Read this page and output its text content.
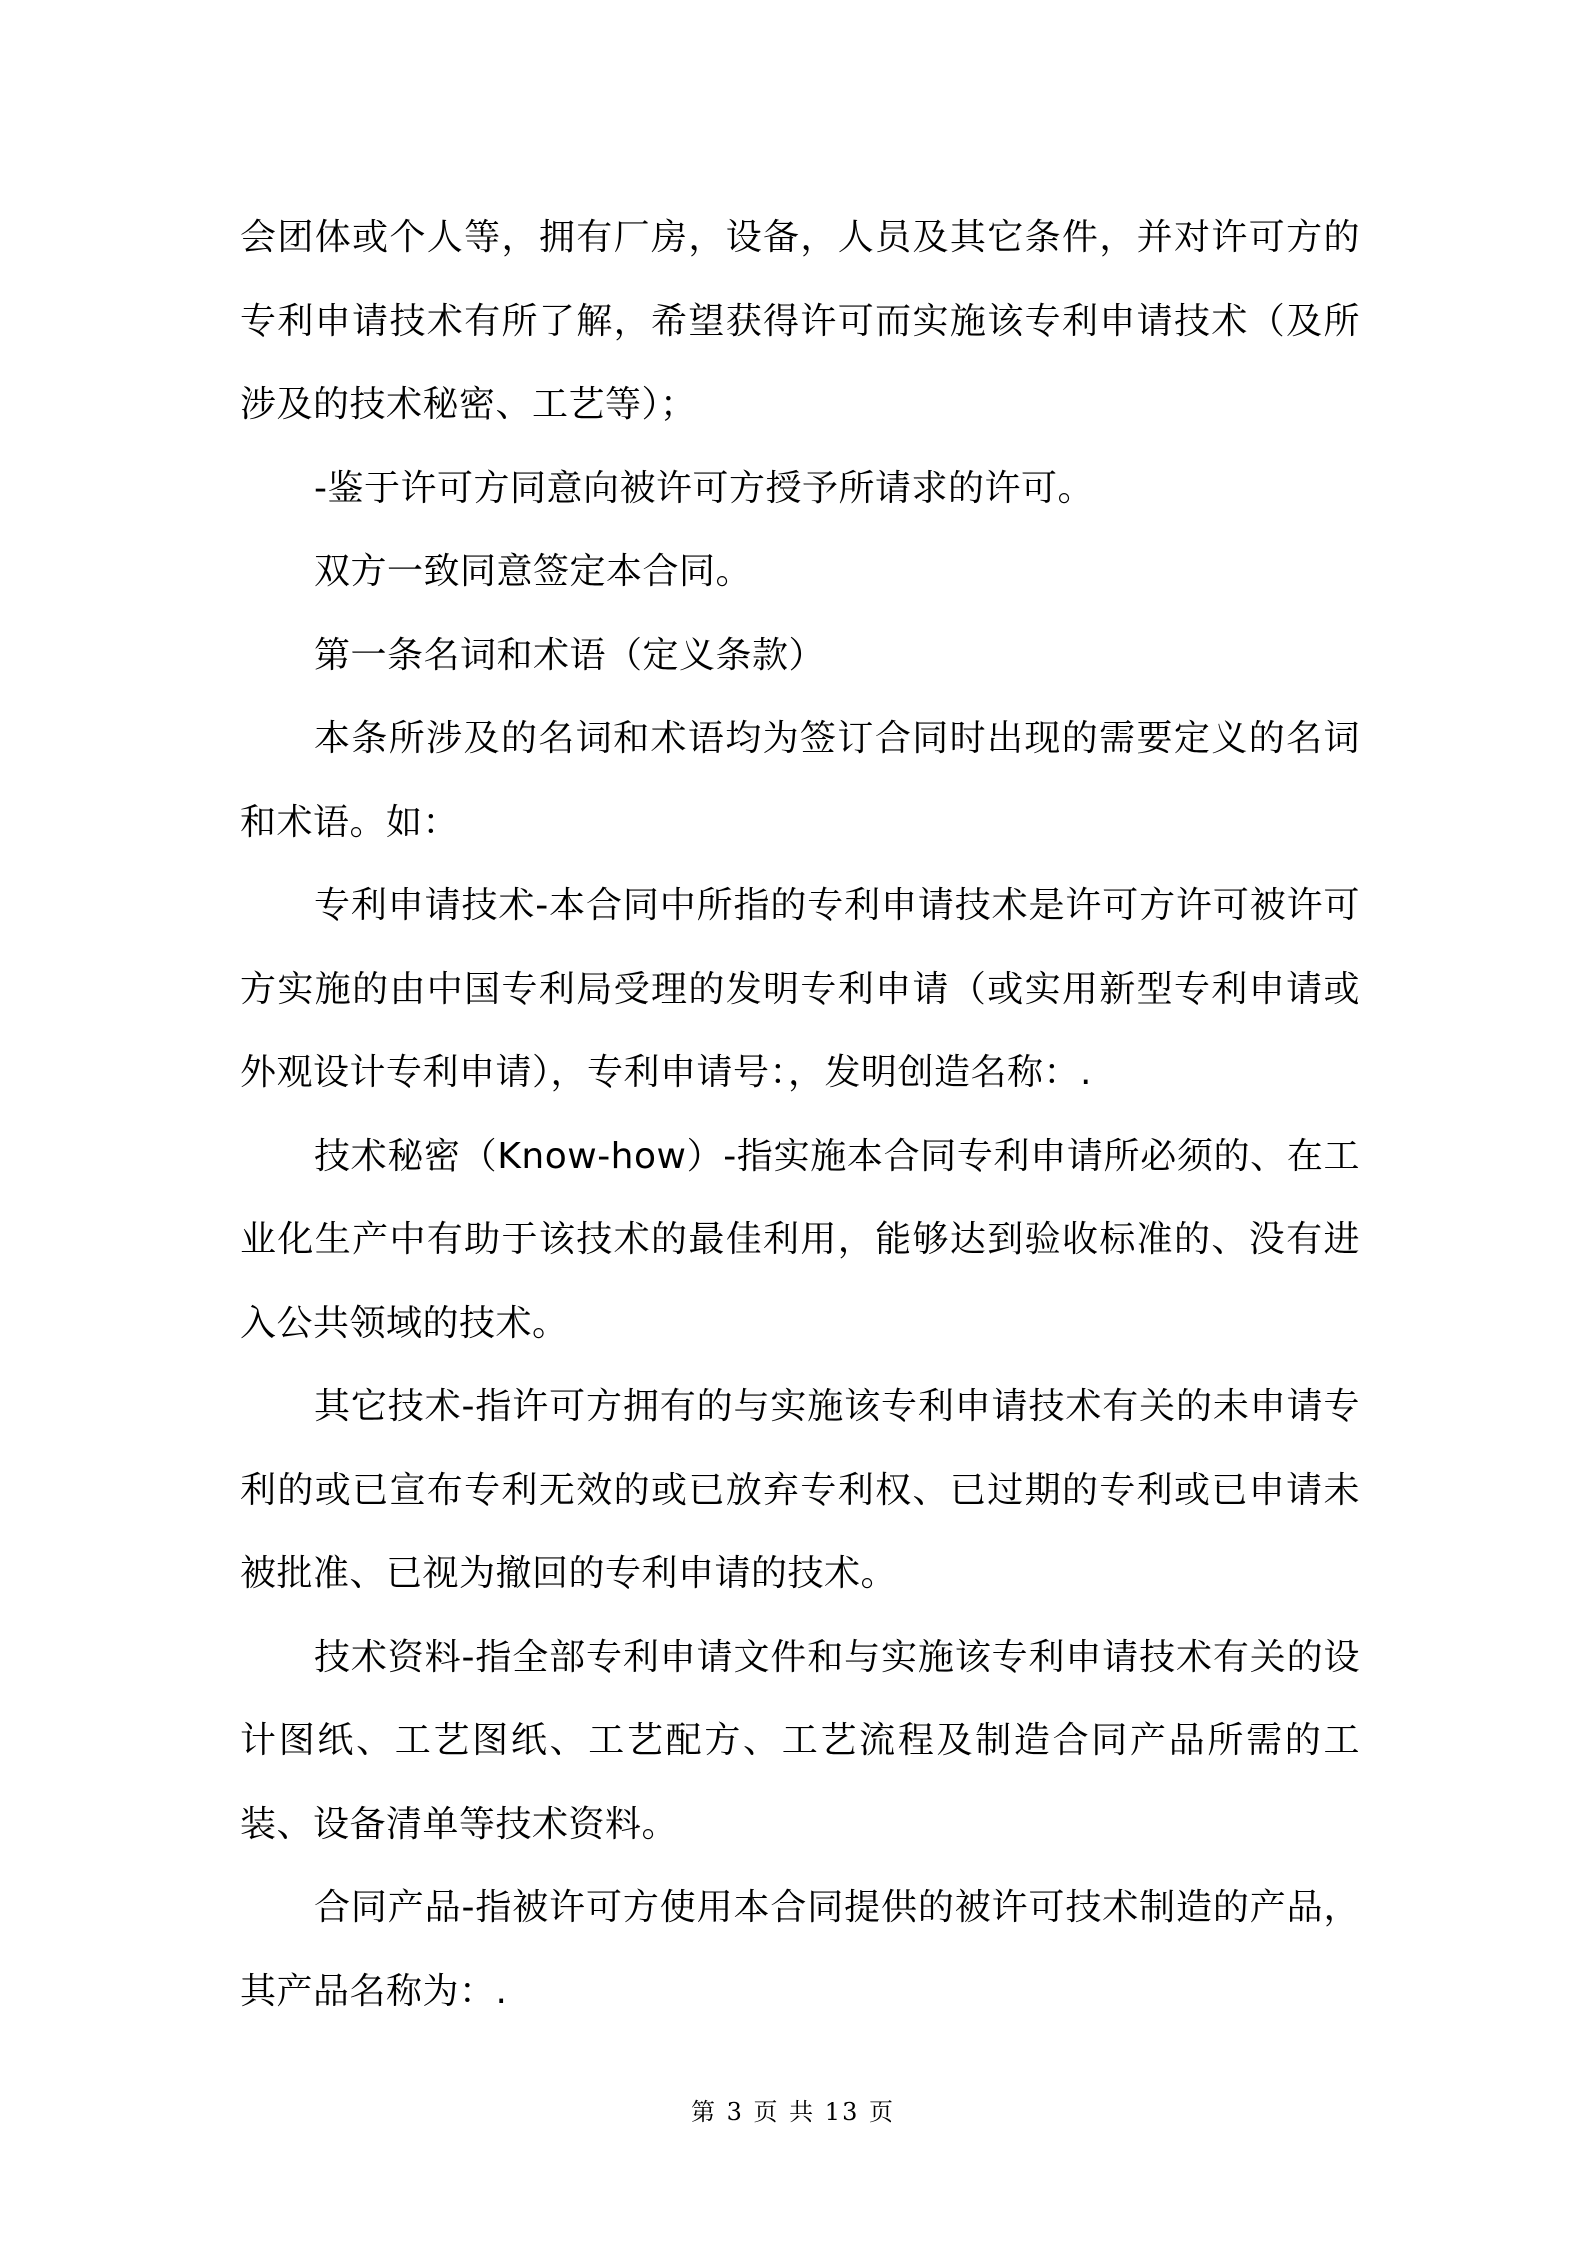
会团体或个人等，拥有厂房，设备，人员及其它条件，并对许可方的专利申请技术有所了解，希望获得许可而实施该专利申请技术（及所涉及的技术秘密、工艺等）；

-鉴于许可方同意向被许可方授予所请求的许可。

双方一致同意签定本合同。

第一条名词和术语（定义条款）

本条所涉及的名词和术语均为签订合同时出现的需要定义的名词和术语。如：

专利申请技术-本合同中所指的专利申请技术是许可方许可被许可方实施的由中国专利局受理的发明专利申请（或实用新型专利申请或外观设计专利申请），专利申请号：，发明创造名称：.

技术秘密（Know-how）-指实施本合同专利申请所必须的、在工业化生产中有助于该技术的最佳利用，能够达到验收标准的、没有进入公共领域的技术。

其它技术-指许可方拥有的与实施该专利申请技术有关的未申请专利的或已宣布专利无效的或已放弃专利权、已过期的专利或已申请未被批准、已视为撤回的专利申请的技术。

技术资料-指全部专利申请文件和与实施该专利申请技术有关的设计图纸、工艺图纸、工艺配方、工艺流程及制造合同产品所需的工装、设备清单等技术资料。

合同产品-指被许可方使用本合同提供的被许可技术制造的产品，其产品名称为：.

第 3 页 共 13 页
